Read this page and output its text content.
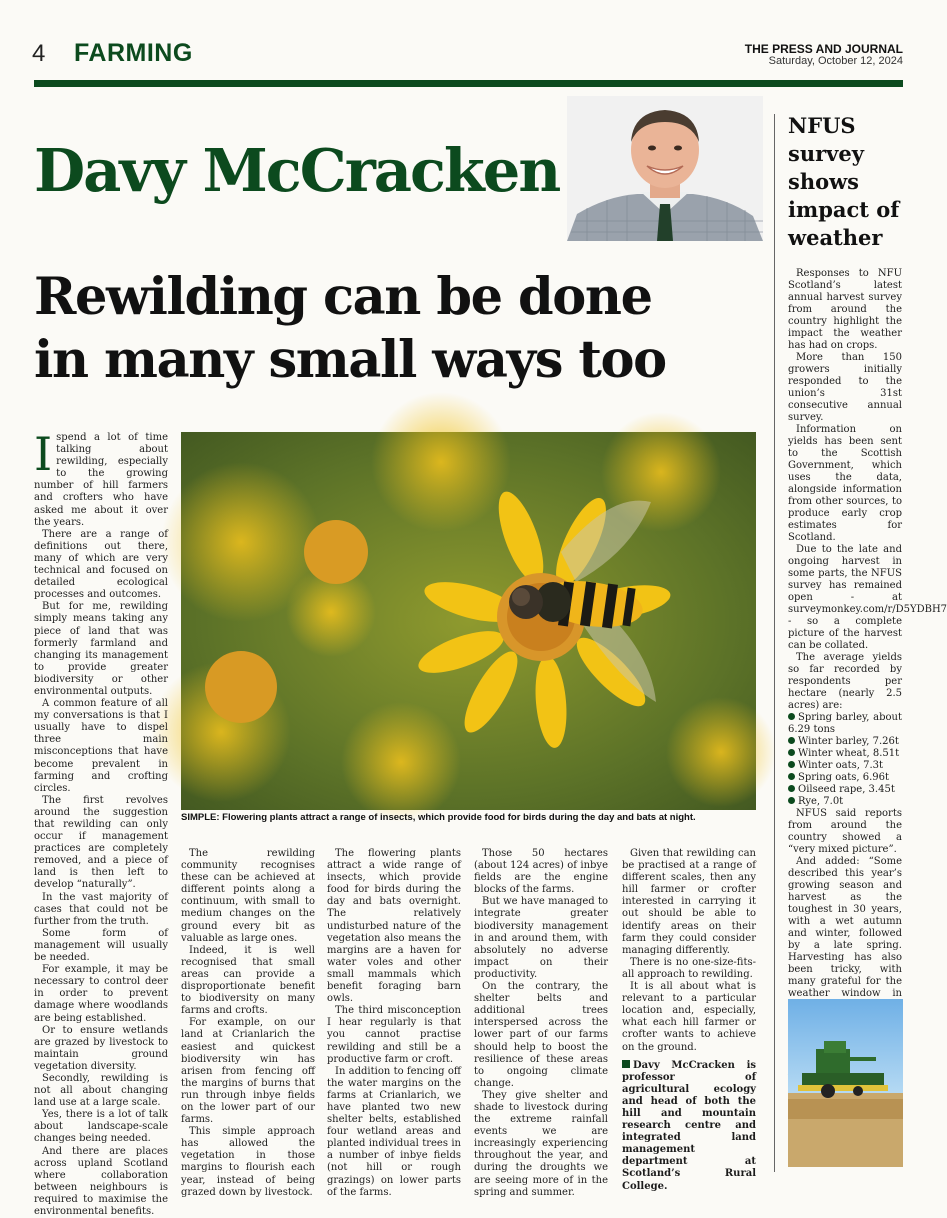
4 FARMING	THE PRESS AND JOURNAL
Saturday, October 12, 2024
Davy McCracken
Rewilding can be done
in many small ways too
NFUS survey shows impact of weather

Responses to NFU Scotland’s latest annual harvest survey from around the country highlight the impact the weather has had on crops.

More than 150 growers initially responded to the union’s 31st consecutive annual survey.

Information on yields has been sent to the Scottish Government, which uses the data, alongside information from other sources, to produce early crop estimates for Scotland.

Due to the late and ongoing harvest in some parts, the NFUS survey has remained open - at surveymonkey.com/r/D5YDBH7 - so a complete picture of the harvest can be collated.

The average yields so far recorded by respondents per hectare (nearly 2.5 acres) are:

Spring barley, about 6.29 tons

Winter barley, 7.26t

Winter wheat, 8.51t

Winter oats, 7.3t

Spring oats, 6.96t

Oilseed rape, 3.45t

Rye, 7.0t

NFUS said reports from around the country showed a “very mixed picture”.

And added: “Some described this year’s growing season and harvest as the toughest in 30 years, with a wet autumn and winter, followed by a late spring. Harvesting has also been tricky, with many grateful for the weather window in

SIMPLE: Flowering plants attract a range of insects, which provide food for birds during the day and bats at night.

Ispend a lot of time talking about rewilding, especially to the growing number of hill farmers and crofters who have asked me about it over the years.

There are a range of definitions out there, many of which are very technical and focused on detailed ecological processes and outcomes.

But for me, rewilding simply means taking any piece of land that was formerly farmland and changing its management to provide greater biodiversity or other environmental outputs.

A common feature of all my conversations is that I usually have to dispel three main misconceptions that have become prevalent in farming and crofting circles.

The first revolves around the suggestion that rewilding can only occur if management practices are completely removed, and a piece of land is then left to develop “naturally”.

In the vast majority of cases that could not be further from the truth.

Some form of management will usually be needed.

For example, it may be necessary to control deer in order to prevent damage where woodlands are being established.

Or to ensure wetlands are grazed by livestock to maintain ground vegetation diversity.

Secondly, rewilding is not all about changing land use at a large scale.

Yes, there is a lot of talk about landscape-scale changes being needed.

And there are places across upland Scotland where collaboration between neighbours is required to maximise the environmental benefits.

The rewilding community recognises these can be achieved at different points along a continuum, with small to medium changes on the ground every bit as valuable as large ones.

Indeed, it is well recognised that small areas can provide a disproportionate benefit to biodiversity on many farms and crofts.

For example, on our land at Crianlarich the easiest and quickest biodiversity win has arisen from fencing off the margins of burns that run through inbye fields on the lower part of our farms.

This simple approach has allowed the vegetation in those margins to flourish each year, instead of being grazed down by livestock.

The flowering plants attract a wide range of insects, which provide food for birds during the day and bats overnight. The relatively undisturbed nature of the vegetation also means the margins are a haven for water voles and other small mammals which benefit foraging barn owls.

The third misconception I hear regularly is that you cannot practise rewilding and still be a productive farm or croft.

In addition to fencing off the water margins on the farms at Crianlarich, we have planted two new shelter belts, established four wetland areas and planted individual trees in a number of inbye fields (not hill or rough grazings) on lower parts of the farms.

Those 50 hectares (about 124 acres) of inbye fields are the engine blocks of the farms.

But we have managed to integrate greater biodiversity management in and around them, with absolutely no adverse impact on their productivity.

On the contrary, the shelter belts and additional trees interspersed across the lower part of our farms should help to boost the resilience of these areas to ongoing climate change.

They give shelter and shade to livestock during the extreme rainfall events we are increasingly experiencing throughout the year, and during the droughts we are seeing more of in the spring and summer.

Given that rewilding can be practised at a range of different scales, then any hill farmer or crofter interested in carrying it out should be able to identify areas on their farm they could consider managing differently.

There is no one-size-fits-all approach to rewilding.

It is all about what is relevant to a particular location and, especially, what each hill farmer or crofter wants to achieve on the ground.

Davy McCracken is professor of agricultural ecology and head of both the hill and mountain research centre and integrated land management department at Scotland’s Rural College.
